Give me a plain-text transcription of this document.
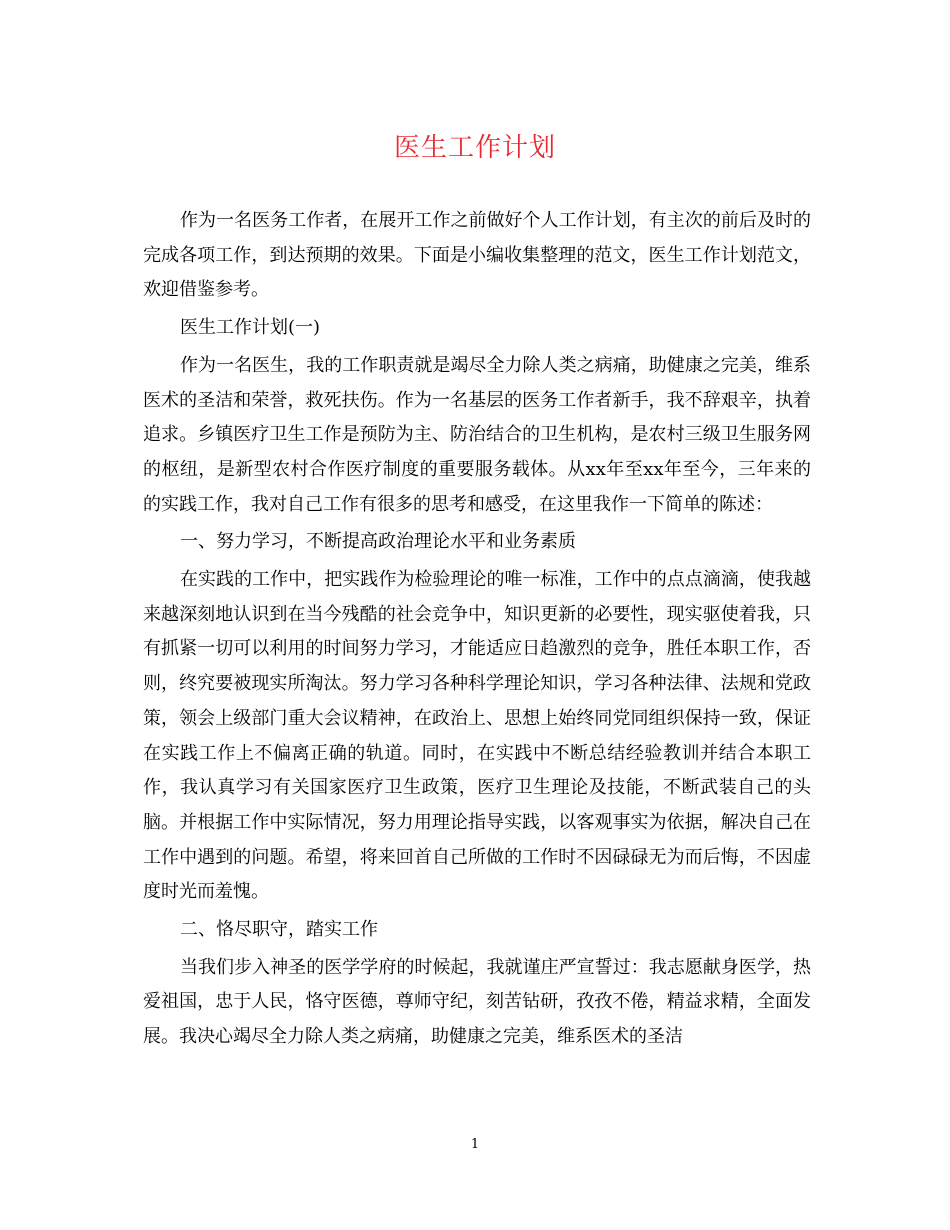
医生工作计划

作为一名医务工作者，在展开工作之前做好个人工作计划，有主次的前后及时的完成各项工作，到达预期的效果。下面是小编收集整理的范文，医生工作计划范文，欢迎借鉴参考。

医生工作计划(一)

作为一名医生，我的工作职责就是竭尽全力除人类之病痛，助健康之完美，维系医术的圣洁和荣誉，救死扶伤。作为一名基层的医务工作者新手，我不辞艰辛，执着追求。乡镇医疗卫生工作是预防为主、防治结合的卫生机构，是农村三级卫生服务网的枢纽，是新型农村合作医疗制度的重要服务载体。从xx年至xx年至今，三年来的的实践工作，我对自己工作有很多的思考和感受，在这里我作一下简单的陈述：

一、努力学习，不断提高政治理论水平和业务素质

在实践的工作中，把实践作为检验理论的唯一标准，工作中的点点滴滴，使我越来越深刻地认识到在当今残酷的社会竞争中，知识更新的必要性，现实驱使着我，只有抓紧一切可以利用的时间努力学习，才能适应日趋激烈的竞争，胜任本职工作，否则，终究要被现实所淘汰。努力学习各种科学理论知识，学习各种法律、法规和党政策，领会上级部门重大会议精神，在政治上、思想上始终同党同组织保持一致，保证在实践工作上不偏离正确的轨道。同时，在实践中不断总结经验教训并结合本职工作，我认真学习有关国家医疗卫生政策，医疗卫生理论及技能，不断武装自己的头脑。并根据工作中实际情况，努力用理论指导实践，以客观事实为依据，解决自己在工作中遇到的问题。希望，将来回首自己所做的工作时不因碌碌无为而后悔，不因虚度时光而羞愧。

二、恪尽职守，踏实工作

当我们步入神圣的医学学府的时候起，我就谨庄严宣誓过：我志愿献身医学，热爱祖国，忠于人民，恪守医德，尊师守纪，刻苦钻研，孜孜不倦，精益求精，全面发展。我决心竭尽全力除人类之病痛，助健康之完美，维系医术的圣洁

1
